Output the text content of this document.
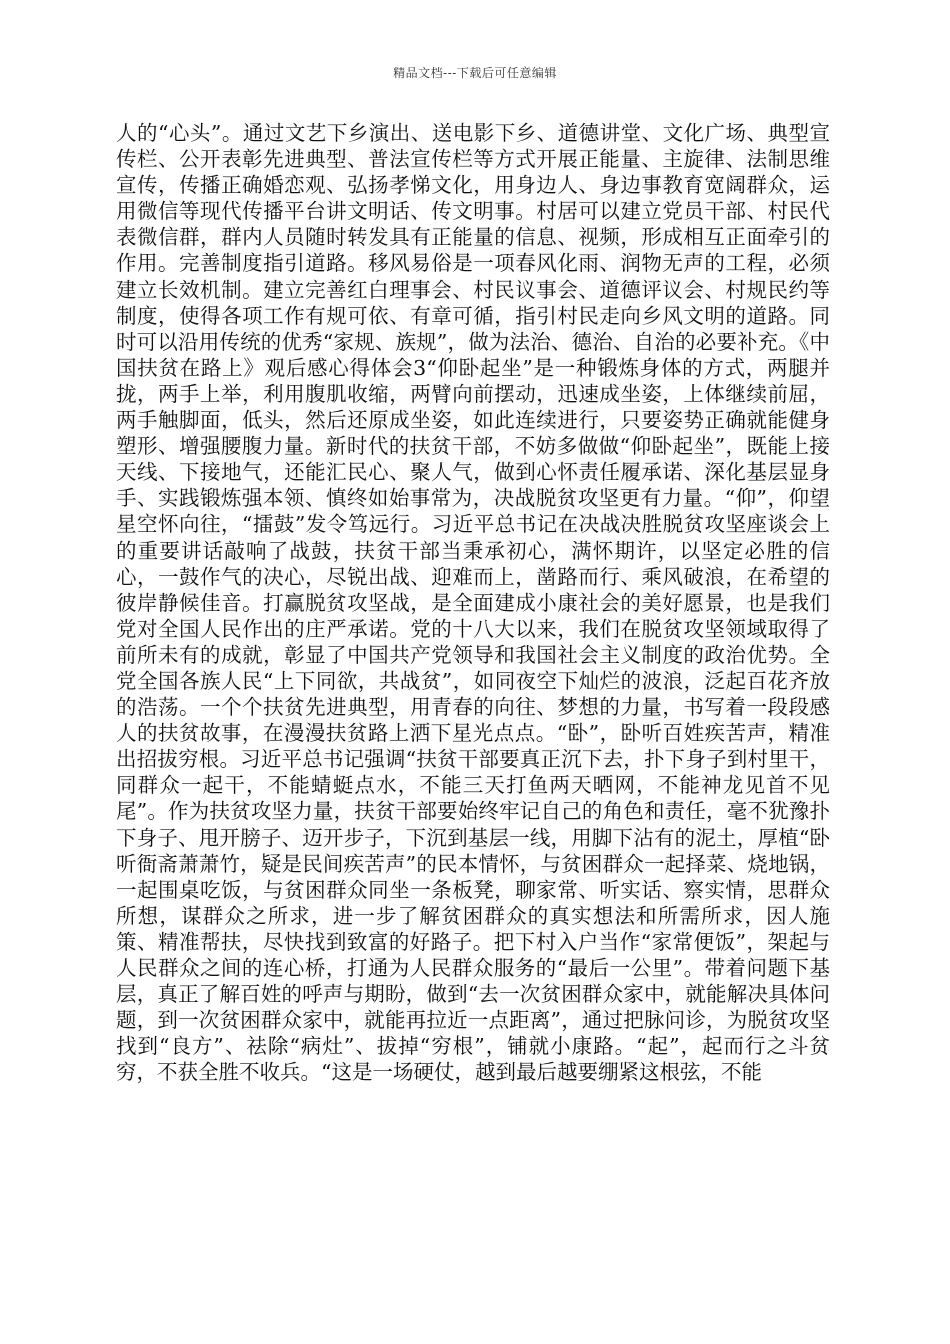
精品文档---下载后可任意编辑

人的“心头”。通过文艺下乡演出、送电影下乡、道德讲堂、文化广场、典型宣传栏、公开表彰先进典型、普法宣传栏等方式开展正能量、主旋律、法制思维宣传，传播正确婚恋观、弘扬孝悌文化，用身边人、身边事教育宽阔群众，运用微信等现代传播平台讲文明话、传文明事。村居可以建立党员干部、村民代表微信群，群内人员随时转发具有正能量的信息、视频，形成相互正面牵引的作用。完善制度指引道路。移风易俗是一项春风化雨、润物无声的工程，必须建立长效机制。建立完善红白理事会、村民议事会、道德评议会、村规民约等制度，使得各项工作有规可依、有章可循，指引村民走向乡风文明的道路。同时可以沿用传统的优秀“家规、族规”，做为法治、德治、自治的必要补充。《中国扶贫在路上》观后感心得体会3“仰卧起坐”是一种锻炼身体的方式，两腿并拢，两手上举，利用腹肌收缩，两臂向前摆动，迅速成坐姿，上体继续前屈，两手触脚面，低头，然后还原成坐姿，如此连续进行，只要姿势正确就能健身塑形、增强腰腹力量。新时代的扶贫干部，不妨多做做“仰卧起坐”，既能上接天线、下接地气，还能汇民心、聚人气，做到心怀责任履承诺、深化基层显身手、实践锻炼强本领、慎终如始事常为，决战脱贫攻坚更有力量。“仰”，仰望星空怀向往，“擂鼓”发令笃远行。习近平总书记在决战决胜脱贫攻坚座谈会上的重要讲话敲响了战鼓，扶贫干部当秉承初心，满怀期许，以坚定必胜的信心，一鼓作气的决心，尽锐出战、迎难而上，凿路而行、乘风破浪，在希望的彼岸静候佳音。打赢脱贫攻坚战，是全面建成小康社会的美好愿景，也是我们党对全国人民作出的庄严承诺。党的十八大以来，我们在脱贫攻坚领域取得了前所未有的成就，彰显了中国共产党领导和我国社会主义制度的政治优势。全党全国各族人民“上下同欲，共战贫”，如同夜空下灿烂的波浪，泛起百花齐放的浩荡。一个个扶贫先进典型，用青春的向往、梦想的力量，书写着一段段感人的扶贫故事，在漫漫扶贫路上洒下星光点点。“卧”，卧听百姓疾苦声，精准出招拔穷根。习近平总书记强调“扶贫干部要真正沉下去，扑下身子到村里干，同群众一起干，不能蜻蜓点水，不能三天打鱼两天晒网，不能神龙见首不见尾”。作为扶贫攻坚力量，扶贫干部要始终牢记自己的角色和责任，毫不犹豫扑下身子、甩开膀子、迈开步子，下沉到基层一线，用脚下沾有的泥土，厚植“卧听衙斋萧萧竹，疑是民间疾苦声”的民本情怀，与贫困群众一起择菜、烧地锅，一起围桌吃饭，与贫困群众同坐一条板凳，聊家常、听实话、察实情，思群众所想，谋群众之所求，进一步了解贫困群众的真实想法和所需所求，因人施策、精准帮扶，尽快找到致富的好路子。把下村入户当作“家常便饭”，架起与人民群众之间的连心桥，打通为人民群众服务的“最后一公里”。带着问题下基层，真正了解百姓的呼声与期盼，做到“去一次贫困群众家中，就能解决具体问题，到一次贫困群众家中，就能再拉近一点距离”，通过把脉问诊，为脱贫攻坚找到“良方”、祛除“病灶”、拔掉“穷根”，铺就小康路。“起”，起而行之斗贫穷，不获全胜不收兵。“这是一场硬仗，越到最后越要绷紧这根弦，不能
